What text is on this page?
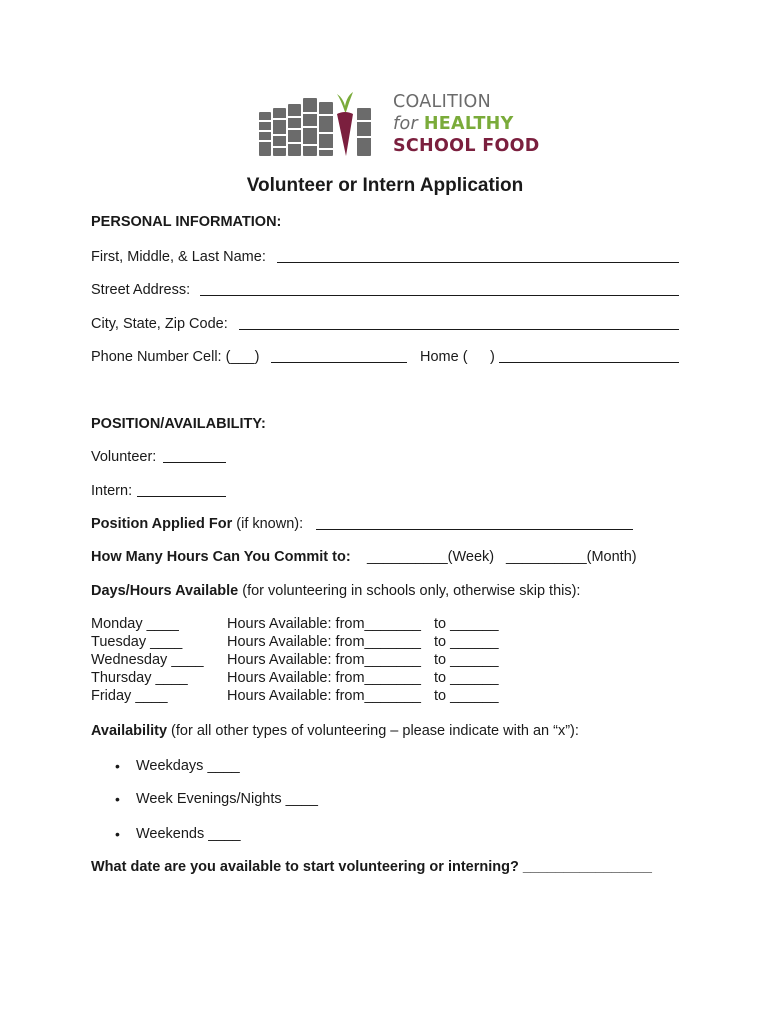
COALITION
for HEALTHY
SCHOOL FOOD
Volunteer or Intern Application
PERSONAL INFORMATION:
First, Middle, & Last Name:
Street Address:
City, State, Zip Code:
Phone Number Cell: (___)	Home ( )
POSITION/AVAILABILITY:
Volunteer:
Intern:
Position Applied For (if known):
How Many Hours Can You Commit to: __________(Week) __________(Month)
Days/Hours Available (for volunteering in schools only, otherwise skip this):
Monday ____	Hours Available: from_______ to ______
Tuesday ____	Hours Available: from_______ to ______
Wednesday ____ Hours Available: from_______ to ______
Thursday ____	Hours Available: from_______ to ______
Friday ____	Hours Available: from_______ to ______
Availability (for all other types of volunteering – please indicate with an “x”):
• Weekdays ____
• Week Evenings/Nights ____
• Weekends ____
What date are you available to start volunteering or interning? ________________
